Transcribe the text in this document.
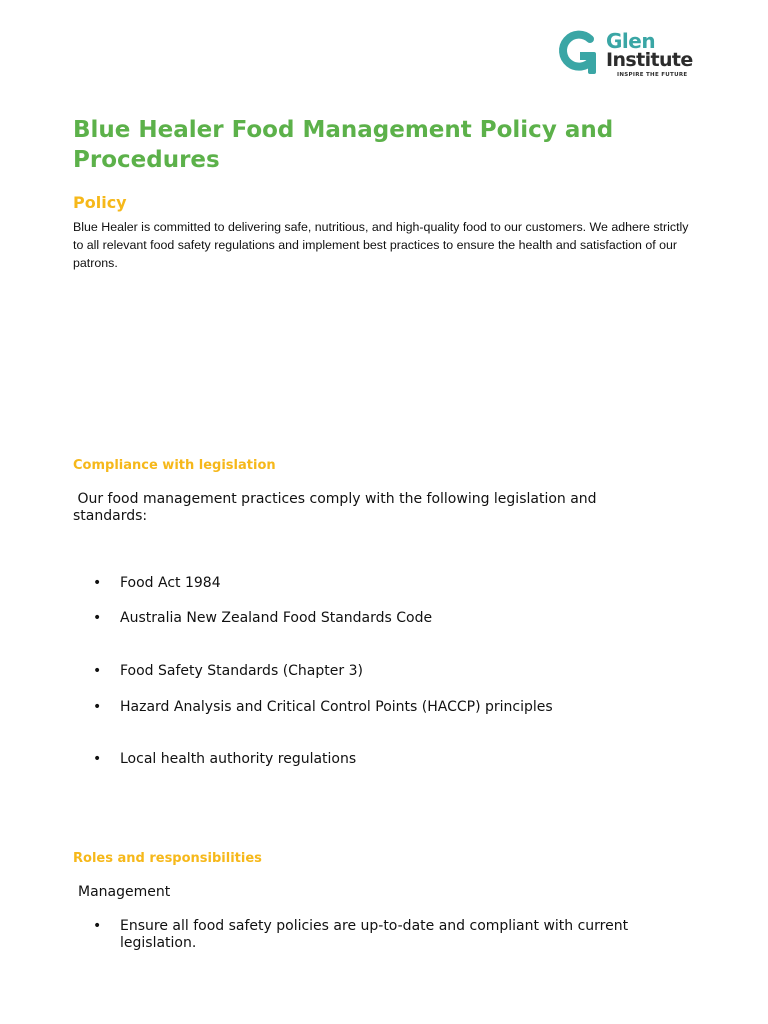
Glen
Institute
INSPIRE THE FUTURE
Blue Healer Food Management Policy and Procedures
Policy

Blue Healer is committed to delivering safe, nutritious, and high-quality food to our customers. We adhere strictly to all relevant food safety regulations and implement best practices to ensure the health and satisfaction of our patrons.

Compliance with legislation

Our food management practices comply with the following legislation and standards:

•	Food Act 1984
•	Australia New Zealand Food Standards Code
•	Food Safety Standards (Chapter 3)
•	Hazard Analysis and Critical Control Points (HACCP) principles
•	Local health authority regulations
Roles and responsibilities

Management

•	Ensure all food safety policies are up-to-date and compliant with current legislation.
